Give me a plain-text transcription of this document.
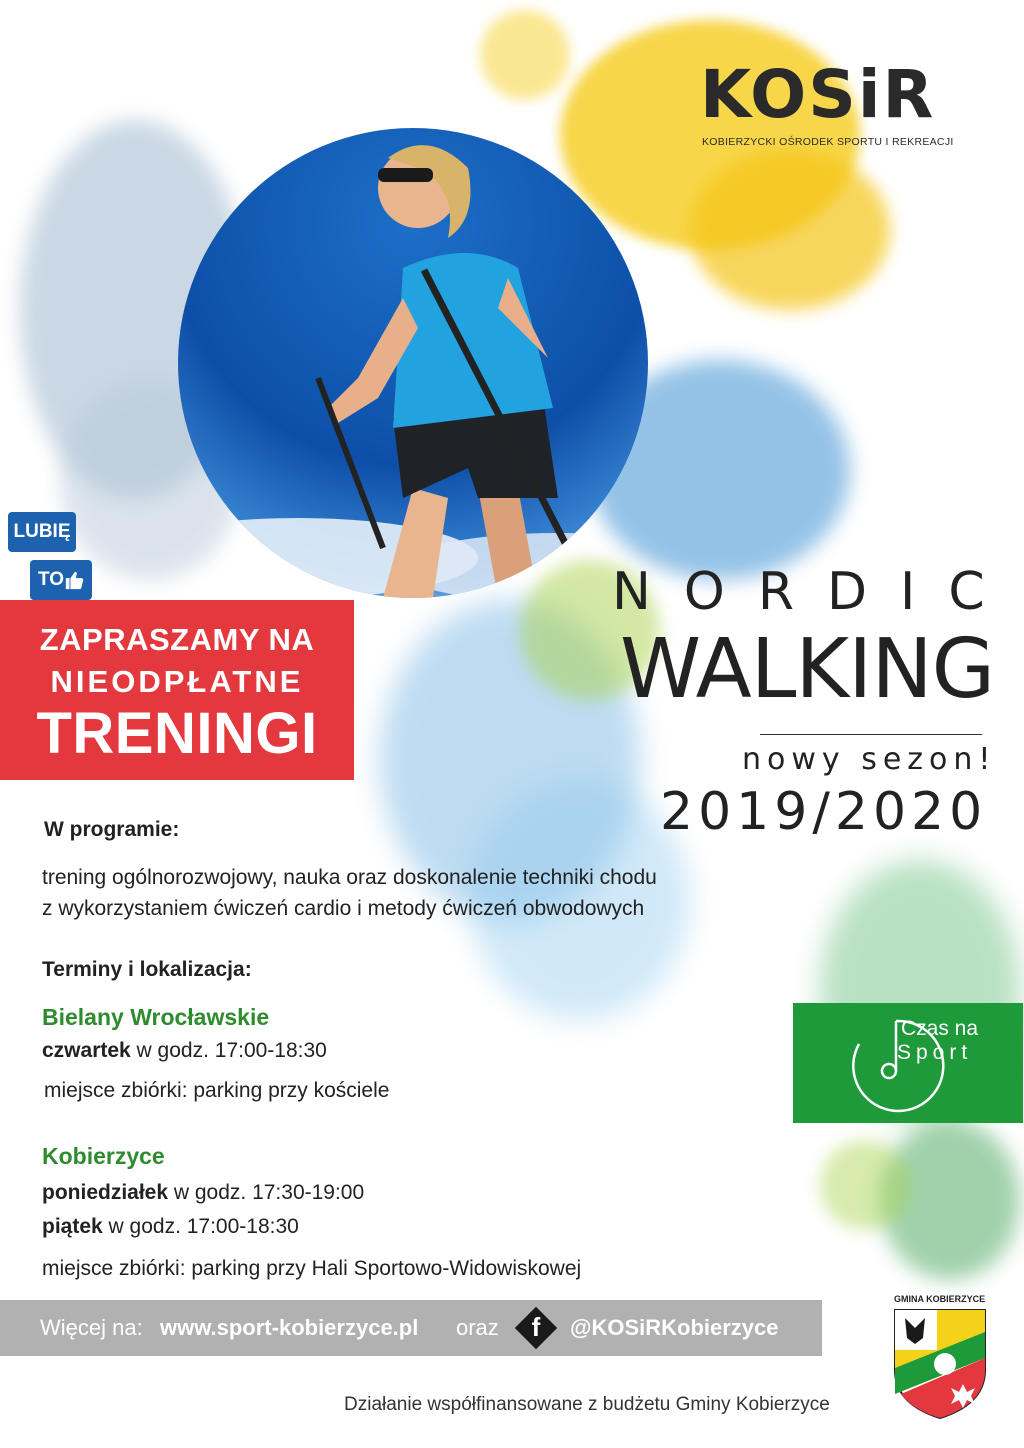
KOSiR
KOBIERZYCKI OŚRODEK SPORTU I REKREACJI
LUBIĘ
TO
ZAPRASZAMY NA
NIEODPŁATNE
TRENINGI
NORDIC
WALKING
nowy sezon!
2019/2020
W programie:
trening ogólnorozwojowy, nauka oraz doskonalenie techniki chodu
z wykorzystaniem ćwiczeń cardio i metody ćwiczeń obwodowych
Terminy i lokalizacja:
Bielany Wrocławskie
czwartek w godz. 17:00-18:30
miejsce zbiórki: parking przy kościele
Kobierzyce
poniedziałek w godz. 17:30-19:00
piątek w godz. 17:00-18:30
miejsce zbiórki: parking przy Hali Sportowo-Widowiskowej
Czas na
Sport
Więcej na: www.sport-kobierzyce.pl oraz	@KOSiRKobierzyce
f
GMINA KOBIERZYCE
Działanie współfinansowane z budżetu Gminy Kobierzyce
